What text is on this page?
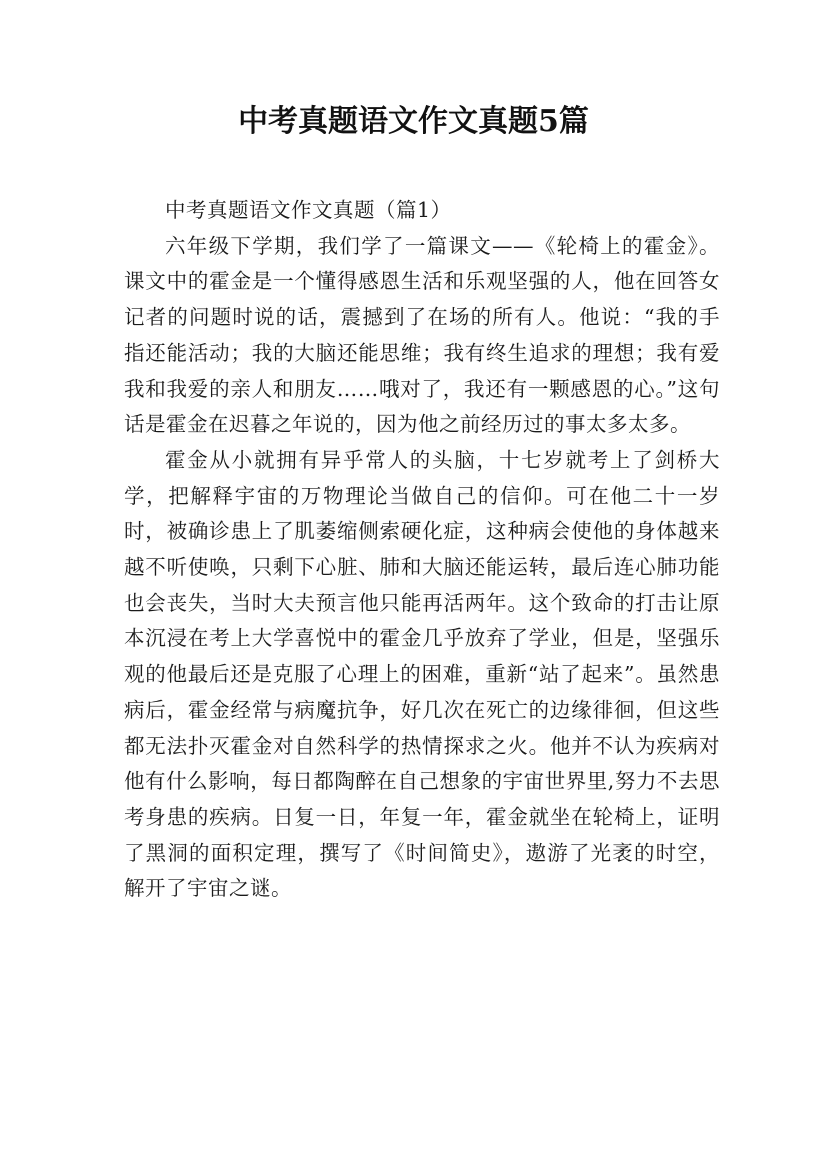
中考真题语文作文真题5篇

中考真题语文作文真题（篇1）

六年级下学期，我们学了一篇课文——《轮椅上的霍金》。课文中的霍金是一个懂得感恩生活和乐观坚强的人，他在回答女记者的问题时说的话，震撼到了在场的所有人。他说：“我的手指还能活动；我的大脑还能思维；我有终生追求的理想；我有爱我和我爱的亲人和朋友……哦对了，我还有一颗感恩的心。”这句话是霍金在迟暮之年说的，因为他之前经历过的事太多太多。

霍金从小就拥有异乎常人的头脑，十七岁就考上了剑桥大学，把解释宇宙的万物理论当做自己的信仰。可在他二十一岁时，被确诊患上了肌萎缩侧索硬化症，这种病会使他的身体越来越不听使唤，只剩下心脏、肺和大脑还能运转，最后连心肺功能也会丧失，当时大夫预言他只能再活两年。这个致命的打击让原本沉浸在考上大学喜悦中的霍金几乎放弃了学业，但是，坚强乐观的他最后还是克服了心理上的困难，重新“站了起来”。虽然患病后，霍金经常与病魔抗争，好几次在死亡的边缘徘徊，但这些都无法扑灭霍金对自然科学的热情探求之火。他并不认为疾病对他有什么影响，每日都陶醉在自己想象的宇宙世界里,努力不去思考身患的疾病。日复一日，年复一年，霍金就坐在轮椅上，证明了黑洞的面积定理，撰写了《时间简史》，遨游了光袤的时空，解开了宇宙之谜。
